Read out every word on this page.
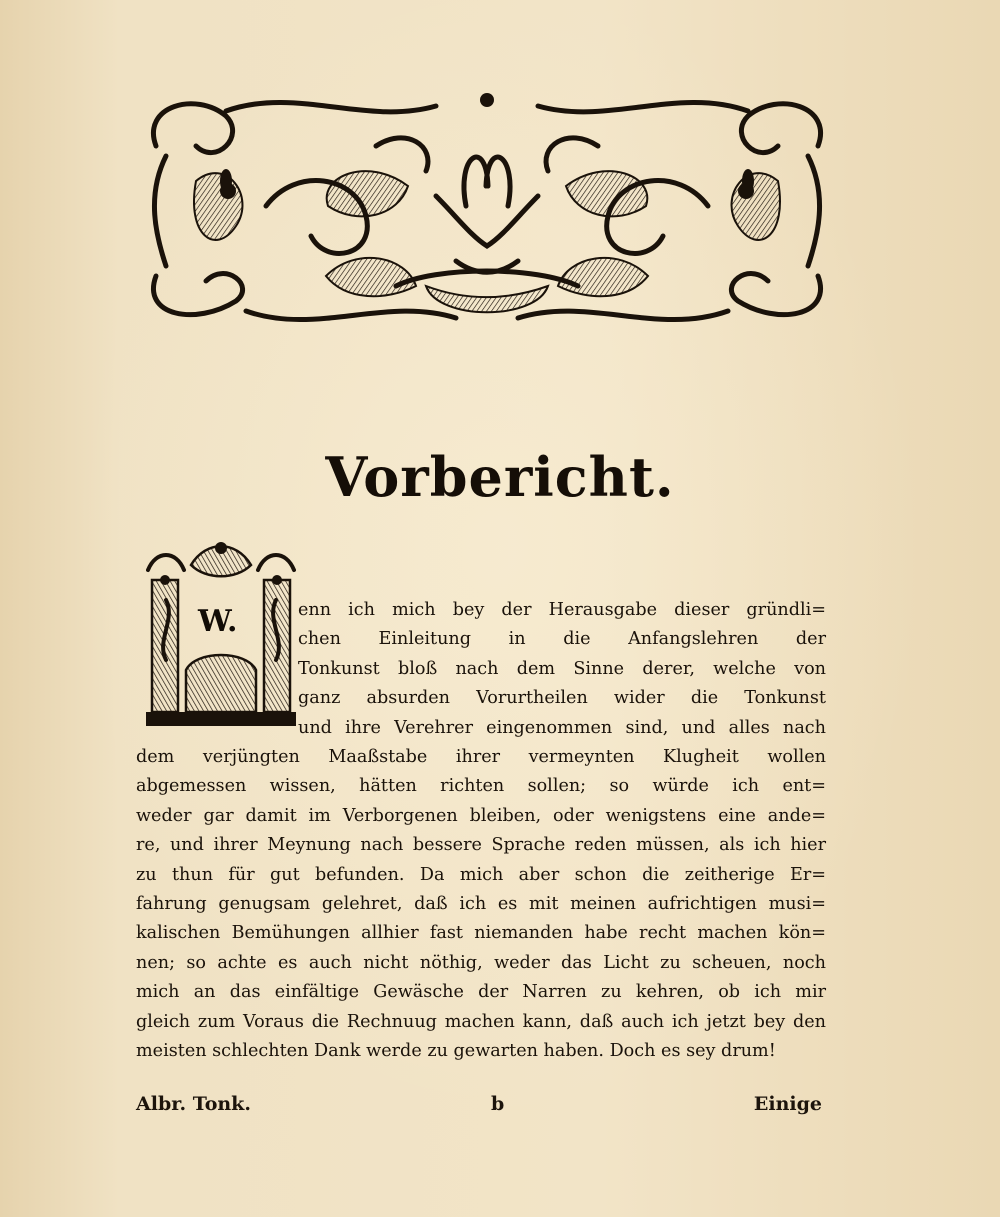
Vorbericht.
W.	enn ich mich bey der Herausgabe dieser gründli=
chen Einleitung in die Anfangslehren der
Tonkunst bloß nach dem Sinne derer, welche von
ganz absurden Vorurtheilen wider die Tonkunst
und ihre Verehrer eingenommen sind, und alles nach
dem verjüngten Maaßstabe ihrer vermeynten Klugheit wollen
abgemessen wissen, hätten richten sollen; so würde ich ent=
weder gar damit im Verborgenen bleiben, oder wenigstens eine ande=
re, und ihrer Meynung nach bessere Sprache reden müssen, als ich hier
zu thun für gut befunden. Da mich aber schon die zeitherige Er=
fahrung genugsam gelehret, daß ich es mit meinen aufrichtigen musi=
kalischen Bemühungen allhier fast niemanden habe recht machen kön=
nen; so achte es auch nicht nöthig, weder das Licht zu scheuen, noch
mich an das einfältige Gewäsche der Narren zu kehren, ob ich mir
gleich zum Voraus die Rechnuug machen kann, daß auch ich jetzt bey den
meisten schlechten Dank werde zu gewarten haben. Doch es sey drum!
Albr. Tonk.	b	Einige
